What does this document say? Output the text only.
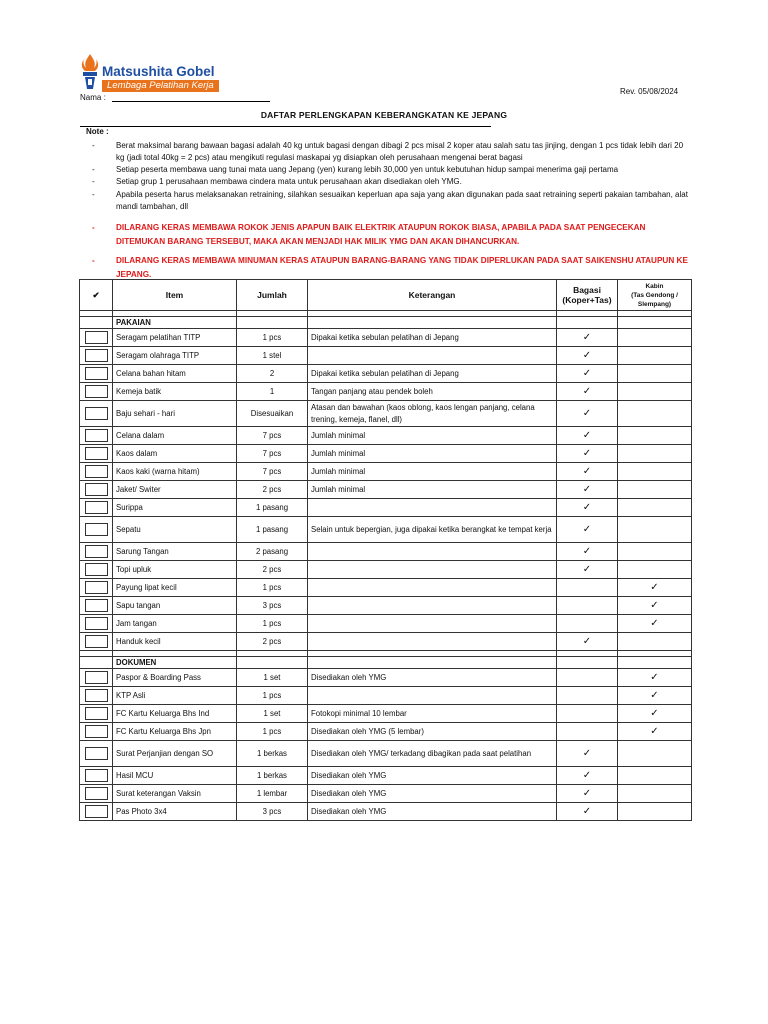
Matsushita Gobel
Lembaga Pelatihan Kerja
Nama :
Rev. 05/08/2024
DAFTAR PERLENGKAPAN KEBERANGKATAN KE JEPANG
Note :
-	Berat maksimal barang bawaan bagasi adalah 40 kg untuk bagasi dengan dibagi 2 pcs misal 2 koper atau salah satu tas jinjing, dengan 1 pcs tidak lebih dari 20 kg (jadi total 40kg = 2 pcs) atau mengikuti regulasi maskapai yg disiapkan oleh perusahaan mengenai berat bagasi
-	Setiap peserta membawa uang tunai mata uang Jepang (yen) kurang lebih 30,000 yen untuk kebutuhan hidup sampai menerima gaji pertama
-	Setiap grup 1 perusahaan membawa cindera mata untuk perusahaan akan disediakan oleh YMG.
-	Apabila peserta harus melaksanakan retraining, silahkan sesuaikan keperluan apa saja yang akan digunakan pada saat retraining seperti pakaian tambahan, alat mandi tambahan, dll
-	DILARANG KERAS MEMBAWA ROKOK JENIS APAPUN BAIK ELEKTRIK ATAUPUN ROKOK BIASA, APABILA PADA SAAT PENGECEKAN DITEMUKAN BARANG TERSEBUT, MAKA AKAN MENJADI HAK MILIK YMG DAN AKAN DIHANCURKAN.
-	DILARANG KERAS MEMBAWA MINUMAN KERAS ATAUPUN BARANG-BARANG YANG TIDAK DIPERLUKAN PADA SAAT SAIKENSHU ATAUPUN KE JEPANG.
✔	Item	Jumlah	Keterangan	Bagasi (Koper+Tas)	Kabin
(Tas Gendong / Slempang)

	PAKAIAN				

	Seragam pelatihan TITP	1 pcs	Dipakai ketika sebulan pelatihan di Jepang	✓	

	Seragam olahraga TITP	1 stel		✓	

	Celana bahan hitam	2	Dipakai ketika sebulan pelatihan di Jepang	✓	

	Kemeja batik	1	Tangan panjang atau pendek boleh	✓	

	Baju sehari - hari	Disesuaikan	Atasan dan bawahan (kaos oblong, kaos lengan panjang, celana trening, kemeja, flanel, dll)	✓	

	Celana dalam	7 pcs	Jumlah minimal	✓	

	Kaos dalam	7 pcs	Jumlah minimal	✓	

	Kaos kaki (warna hitam)	7 pcs	Jumlah minimal	✓	

	Jaket/ Switer	2 pcs	Jumlah minimal	✓	

	Surippa	1 pasang		✓	

	Sepatu	1 pasang	Selain untuk bepergian, juga dipakai ketika berangkat ke tempat kerja	✓	

	Sarung Tangan	2 pasang		✓	

	Topi upluk	2 pcs		✓	

	Payung lipat kecil	1 pcs			✓

	Sapu tangan	3 pcs			✓

	Jam tangan	1 pcs			✓

	Handuk kecil	2 pcs		✓	

	DOKUMEN				

	Paspor & Boarding Pass	1 set	Disediakan oleh YMG		✓

	KTP Asli	1 pcs			✓

	FC Kartu Keluarga Bhs Ind	1 set	Fotokopi minimal 10 lembar		✓

	FC Kartu Keluarga Bhs Jpn	1 pcs	Disediakan oleh YMG (5 lembar)		✓

	Surat Perjanjian dengan SO	1 berkas	Disediakan oleh YMG/ terkadang dibagikan pada saat pelatihan	✓	

	Hasil MCU	1 berkas	Disediakan oleh YMG	✓	

	Surat keterangan Vaksin	1 lembar	Disediakan oleh YMG	✓	

	Pas Photo 3x4	3 pcs	Disediakan oleh YMG	✓	
